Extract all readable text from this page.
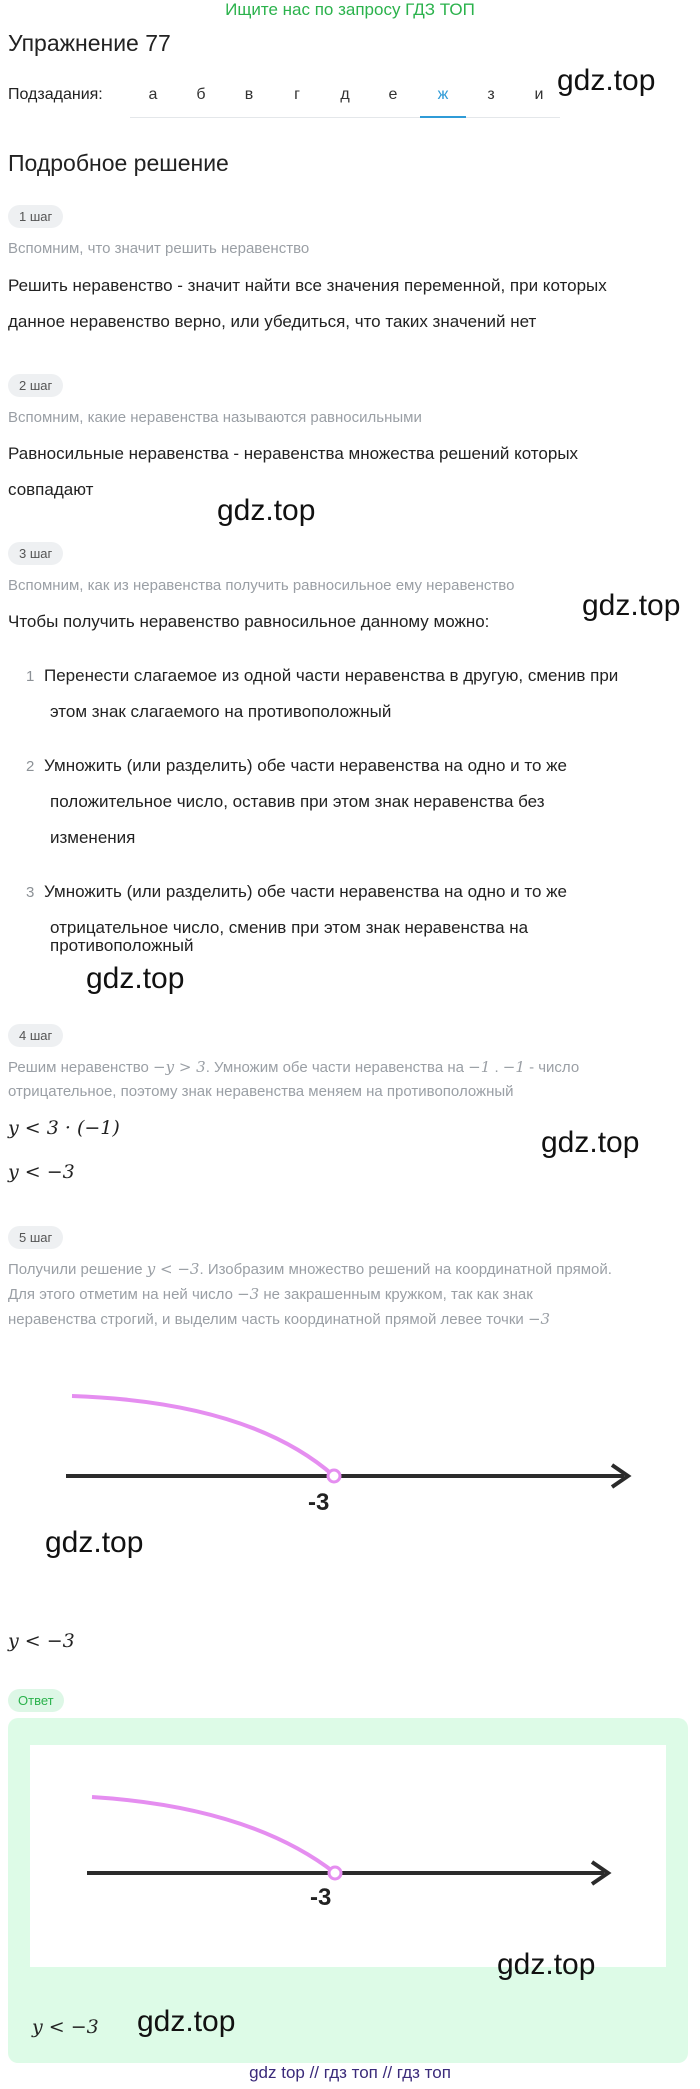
Ищите нас по запросу ГДЗ ТОП
Упражнение 77
Подзадания:	а	б	в	г	д	е	ж	з	и gdz.top
Подробное решение
1 шаг
Вспомним, что значит решить неравенство
Решить неравенство - значит найти все значения переменной, при которых
данное неравенство верно, или убедиться, что таких значений нет
2 шаг
Вспомним, какие неравенства называются равносильными
Равносильные неравенства - неравенства множества решений которых
совпадают
gdz.top
3 шаг
Вспомним, как из неравенства получить равносильное ему неравенство
Чтобы получить неравенство равносильное данному можно:	gdz.top
1 Перенести слагаемое из одной части неравенства в другую, сменив при
этом знак слагаемого на противоположный
2 Умножить (или разделить) обе части неравенства на одно и то же
положительное число, оставив при этом знак неравенства без
изменения
3 Умножить (или разделить) обе части неравенства на одно и то же
отрицательное число, сменив при этом знак неравенства на
противоположный
gdz.top
4 шаг
Решим неравенство −y > 3. Умножим обе части неравенства на −1 . −1 - число
отрицательное, поэтому знак неравенства меняем на противоположный
y < 3 · (−1)	gdz.top
y < −3
5 шаг
Получили решение y < −3. Изобразим множество решений на координатной прямой.
Для этого отметим на ней число −3 не закрашенным кружком, так как знак
неравенства строгий, и выделим часть координатной прямой левее точки −3
-3
gdz.top
y < −3
Ответ
-3
gdz.top
y < −3 gdz.top
gdz top // гдз топ // гдз топ
